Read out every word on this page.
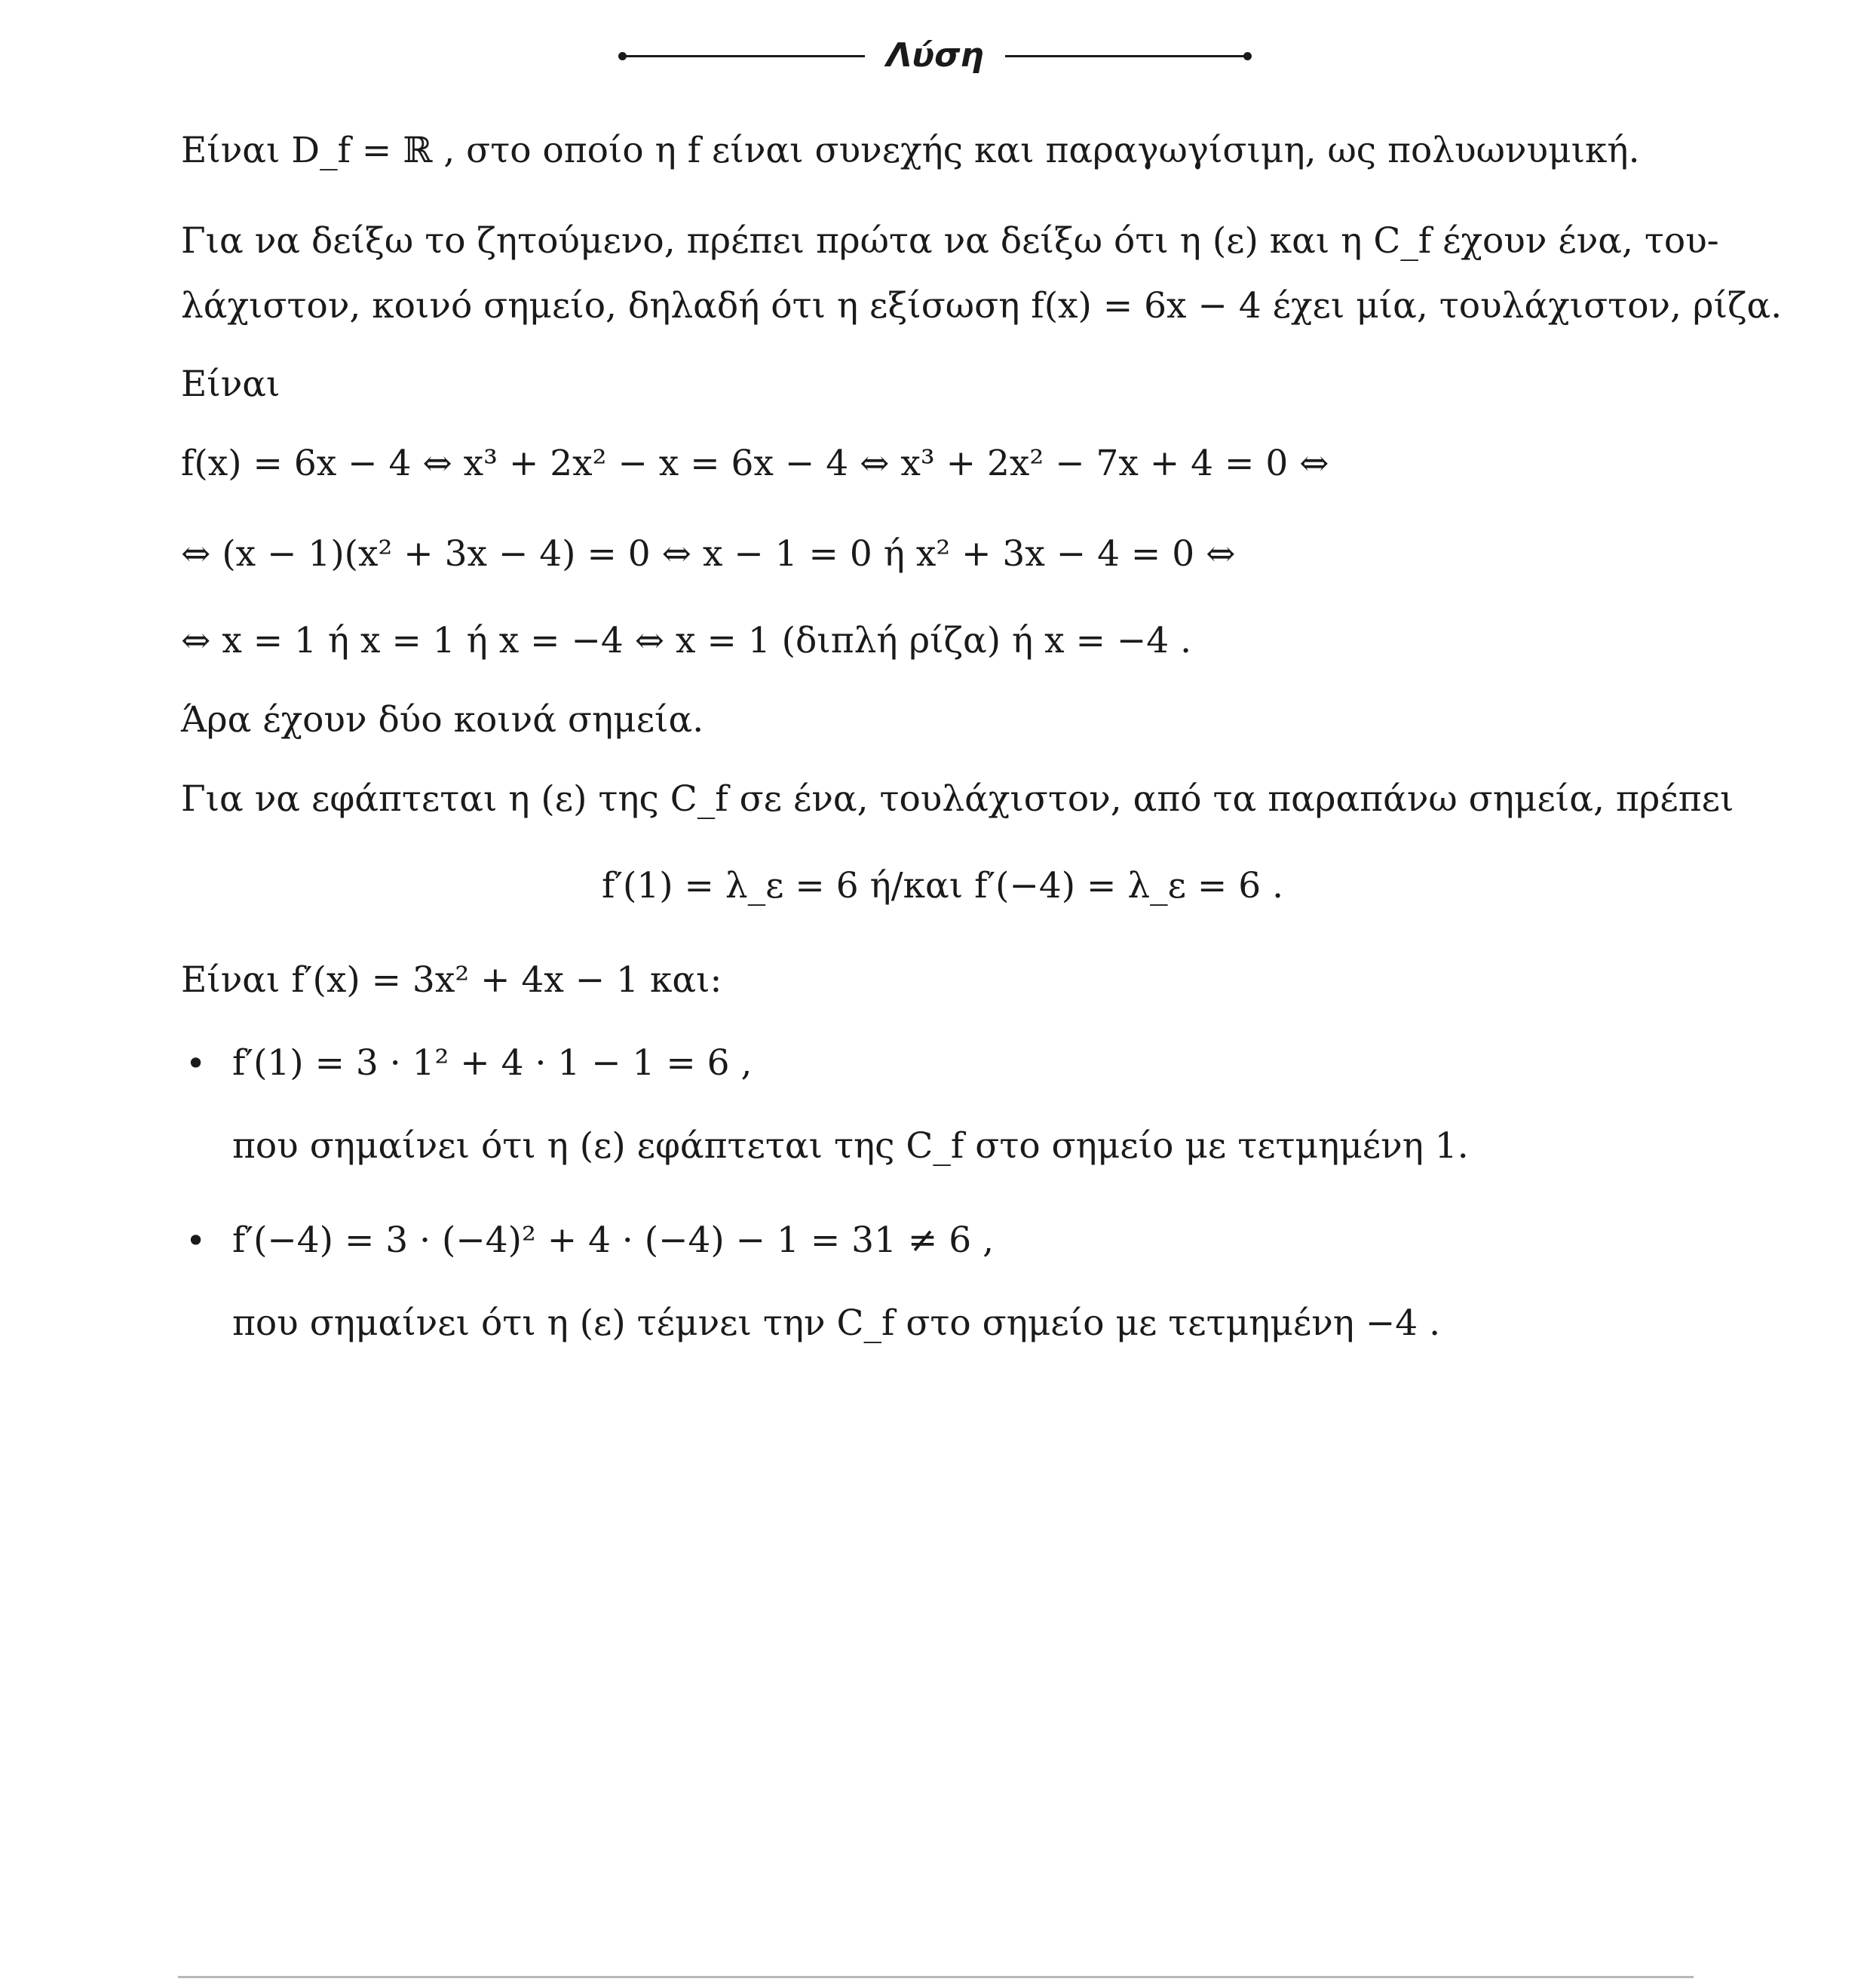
Λύση
Είναι D_f = ℝ , στο οποίο η f είναι συνεχής και παραγωγίσιμη, ως πολυωνυμική.
Για να δείξω το ζητούμενο, πρέπει πρώτα να δείξω ότι η (ε) και η C_f έχουν ένα, του-
λάχιστον, κοινό σημείο, δηλαδή ότι η εξίσωση f(x) = 6x − 4 έχει μία, τουλάχιστον, ρίζα.
Είναι
f(x) = 6x − 4 ⇔ x³ + 2x² − x = 6x − 4 ⇔ x³ + 2x² − 7x + 4 = 0 ⇔
⇔ (x − 1)(x² + 3x − 4) = 0 ⇔ x − 1 = 0 ή x² + 3x − 4 = 0 ⇔
⇔ x = 1 ή x = 1 ή x = −4 ⇔ x = 1 (διπλή ρίζα) ή x = −4 .
Άρα έχουν δύο κοινά σημεία.
Για να εφάπτεται η (ε) της C_f σε ένα, τουλάχιστον, από τα παραπάνω σημεία, πρέπει
f′(1) = λ_ε = 6 ή/και f′(−4) = λ_ε = 6 .
Είναι f′(x) = 3x² + 4x − 1 και:
• f′(1) = 3 · 1² + 4 · 1 − 1 = 6 ,
που σημαίνει ότι η (ε) εφάπτεται της C_f στο σημείο με τετμημένη 1.
• f′(−4) = 3 · (−4)² + 4 · (−4) − 1 = 31 ≠ 6 ,
που σημαίνει ότι η (ε) τέμνει την C_f στο σημείο με τετμημένη −4 .
